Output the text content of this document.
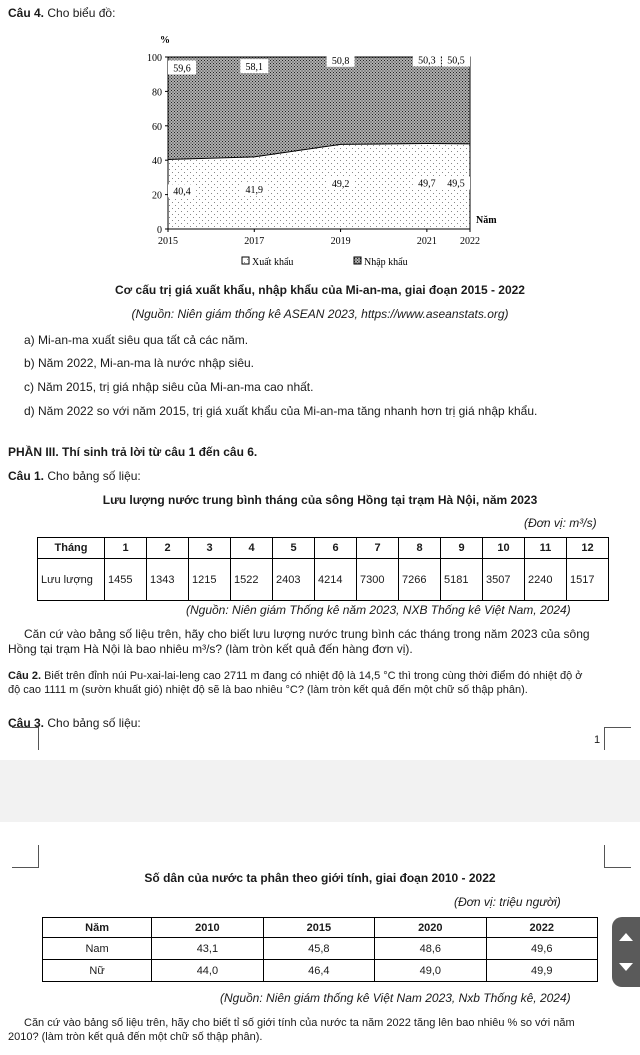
Câu 4. Cho biểu đồ:
0
20
40
60
80
100
2015	2017	2019	2021 2022
%
Năm
59,6	58,1
50,8	50,3 50,5
40,4	41,9
49,2	49,7 49,5
Xuất khẩu	Nhập khẩu
Cơ cấu trị giá xuất khẩu, nhập khẩu của Mi-an-ma, giai đoạn 2015 - 2022
(Nguồn: Niên giám thống kê ASEAN 2023, https://www.aseanstats.org)
a) Mi-an-ma xuất siêu qua tất cả các năm.
b) Năm 2022, Mi-an-ma là nước nhập siêu.
c) Năm 2015, trị giá nhập siêu của Mi-an-ma cao nhất.
d) Năm 2022 so với năm 2015, trị giá xuất khẩu của Mi-an-ma tăng nhanh hơn trị giá nhập khẩu.
PHẦN III. Thí sinh trả lời từ câu 1 đến câu 6.
Câu 1. Cho bảng số liệu:
Lưu lượng nước trung bình tháng của sông Hồng tại trạm Hà Nội, năm 2023
(Đơn vị: m³/s)
Tháng	1	2	3	4	5	6	7	8	9	10	11	12
Lưu lượng	1455	1343	1215	1522	2403	4214	7300	7266	5181	3507	2240	1517
(Nguồn: Niên giám Thống kê năm 2023, NXB Thống kê Việt Nam, 2024)
Căn cứ vào bảng số liệu trên, hãy cho biết lưu lượng nước trung bình các tháng trong năm 2023 của sông Hồng tại trạm Hà Nội là bao nhiêu m³/s? (làm tròn kết quả đến hàng đơn vị).
Câu 2. Biết trên đỉnh núi Pu-xai-lai-leng cao 2711 m đang có nhiệt độ là 14,5 °C thì trong cùng thời điểm đó nhiệt độ ở độ cao 1111 m (sườn khuất gió) nhiệt độ sẽ là bao nhiêu °C? (làm tròn kết quả đến một chữ số thập phân).
Câu 3. Cho bảng số liệu:
1
Số dân của nước ta phân theo giới tính, giai đoạn 2010 - 2022
(Đơn vị: triệu người)
Năm	2010	2015	2020	2022
Nam	43,1	45,8	48,6	49,6
Nữ	44,0	46,4	49,0	49,9
(Nguồn: Niên giám thống kê Việt Nam 2023, Nxb Thống kê, 2024)
Căn cứ vào bảng số liệu trên, hãy cho biết tỉ số giới tính của nước ta năm 2022 tăng lên bao nhiêu % so với năm 2010? (làm tròn kết quả đến một chữ số thập phân).
